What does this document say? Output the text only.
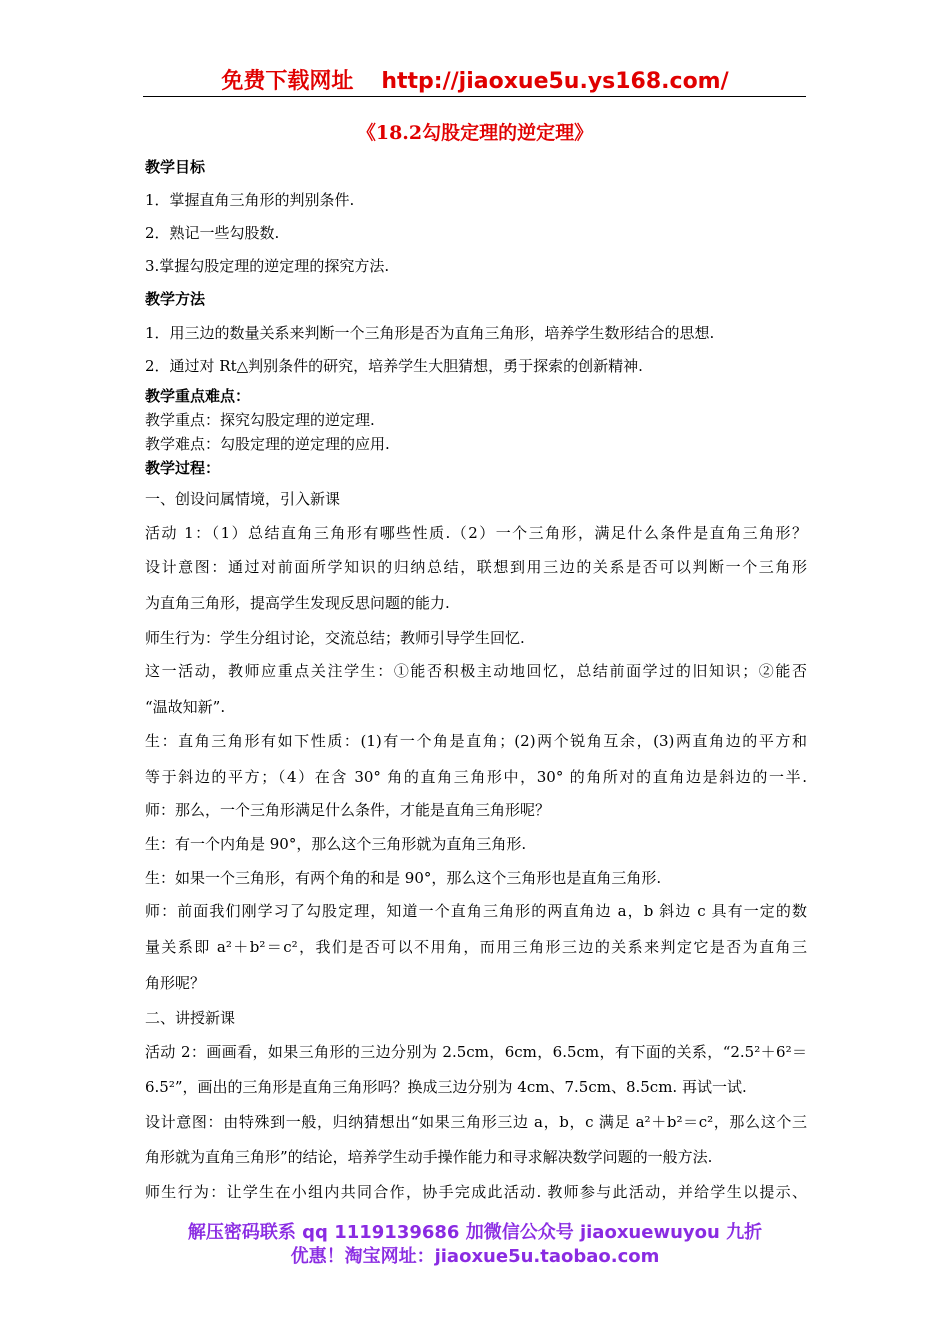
免费下载网址 http://jiaoxue5u.ys168.com/
《18.2勾股定理的逆定理》
教学目标
1．掌握直角三角形的判别条件.
2．熟记一些勾股数.
3.掌握勾股定理的逆定理的探究方法.
教学方法
1．用三边的数量关系来判断一个三角形是否为直角三角形，培养学生数形结合的思想.
2．通过对 Rt△判别条件的研究，培养学生大胆猜想，勇于探索的创新精神.
教学重点难点：
教学重点：探究勾股定理的逆定理.
教学难点：勾股定理的逆定理的应用.
教学过程：
一、创设问属情境，引入新课
活动 1：（1）总结直角三角形有哪些性质.（2）一个三角形，满足什么条件是直角三角形？
设计意图：通过对前面所学知识的归纳总结，联想到用三边的关系是否可以判断一个三角形
为直角三角形，提高学生发现反思问题的能力.
师生行为：学生分组讨论，交流总结；教师引导学生回忆.
这一活动，教师应重点关注学生：①能否积极主动地回忆，总结前面学过的旧知识；②能否
“温故知新”.
生：直角三角形有如下性质：(1)有一个角是直角；(2)两个锐角互余，(3)两直角边的平方和
等于斜边的平方；（4）在含 30° 角的直角三角形中，30° 的角所对的直角边是斜边的一半.
师：那么，一个三角形满足什么条件，才能是直角三角形呢？
生：有一个内角是 90°，那么这个三角形就为直角三角形.
生：如果一个三角形，有两个角的和是 90°，那么这个三角形也是直角三角形.
师：前面我们刚学习了勾股定理，知道一个直角三角形的两直角边 a，b 斜边 c 具有一定的数
量关系即 a²＋b²＝c²，我们是否可以不用角，而用三角形三边的关系来判定它是否为直角三
角形呢？
二、讲授新课
活动 2：画画看，如果三角形的三边分别为 2.5cm，6cm，6.5cm，有下面的关系，“2.5²＋6²＝
6.5²”，画出的三角形是直角三角形吗？换成三边分别为 4cm、7.5cm、8.5cm. 再试一试.
设计意图：由特殊到一般，归纳猜想出“如果三角形三边 a，b，c 满足 a²＋b²＝c²，那么这个三
角形就为直角三角形”的结论，培养学生动手操作能力和寻求解决数学问题的一般方法.
师生行为：让学生在小组内共同合作，协手完成此活动. 教师参与此活动，并给学生以提示、
解压密码联系 qq 1119139686 加微信公众号 jiaoxuewuyou 九折
优惠！淘宝网址：jiaoxue5u.taobao.com
